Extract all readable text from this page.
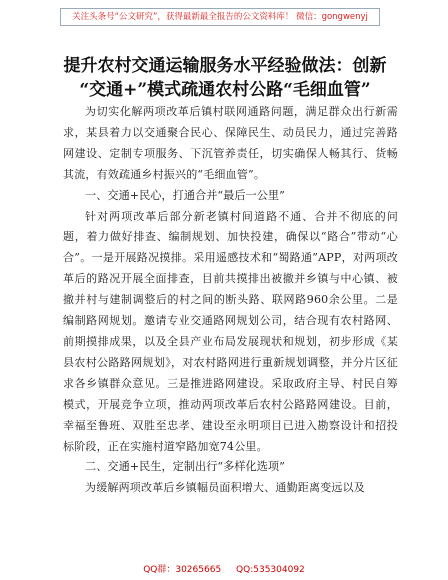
关注头条号“公文研究”，获得最新最全报告的公文资料库！ 微信：gongwenyj
提升农村交通运输服务水平经验做法：创新
“交通+”模式疏通农村公路“毛细血管”

为切实化解两项改革后镇村联网通路问题，满足群众出行新需求，某县着力以交通聚合民心、保障民生、动员民力，通过完善路网建设、定制专项服务、下沉管养责任，切实确保人畅其行、货畅其流，有效疏通乡村振兴的“毛细血管”。

一、交通+民心，打通合并“最后一公里”

针对两项改革后部分新老镇村间道路不通、合并不彻底的问题，着力做好排查、编制规划、加快投建，确保以“路合”带动“心合”。一是开展路况摸排。采用遥感技术和“蜀路通”APP，对两项改革后的路况开展全面排查，目前共摸排出被撤并乡镇与中心镇、被撤并村与建制调整后的村之间的断头路、联网路960余公里。二是编制路网规划。邀请专业交通路网规划公司，结合现有农村路网、前期摸排成果，以及全县产业布局发展现状和规划，初步形成《某县农村公路路网规划》，对农村路网进行重新规划调整，并分片区征求各乡镇群众意见。三是推进路网建设。采取政府主导、村民自筹模式，开展竞争立项，推动两项改革后农村公路路网建设。目前，幸福至鲁班、双胜至忠孝、建设至永明项目已进入勘察设计和招投标阶段，正在实施村道窄路加宽74公里。

二、交通+民生，定制出行“多样化选项”

为缓解两项改革后乡镇幅员面积增大、通勤距离变远以及

QQ群：30265665 QQ:535304092
